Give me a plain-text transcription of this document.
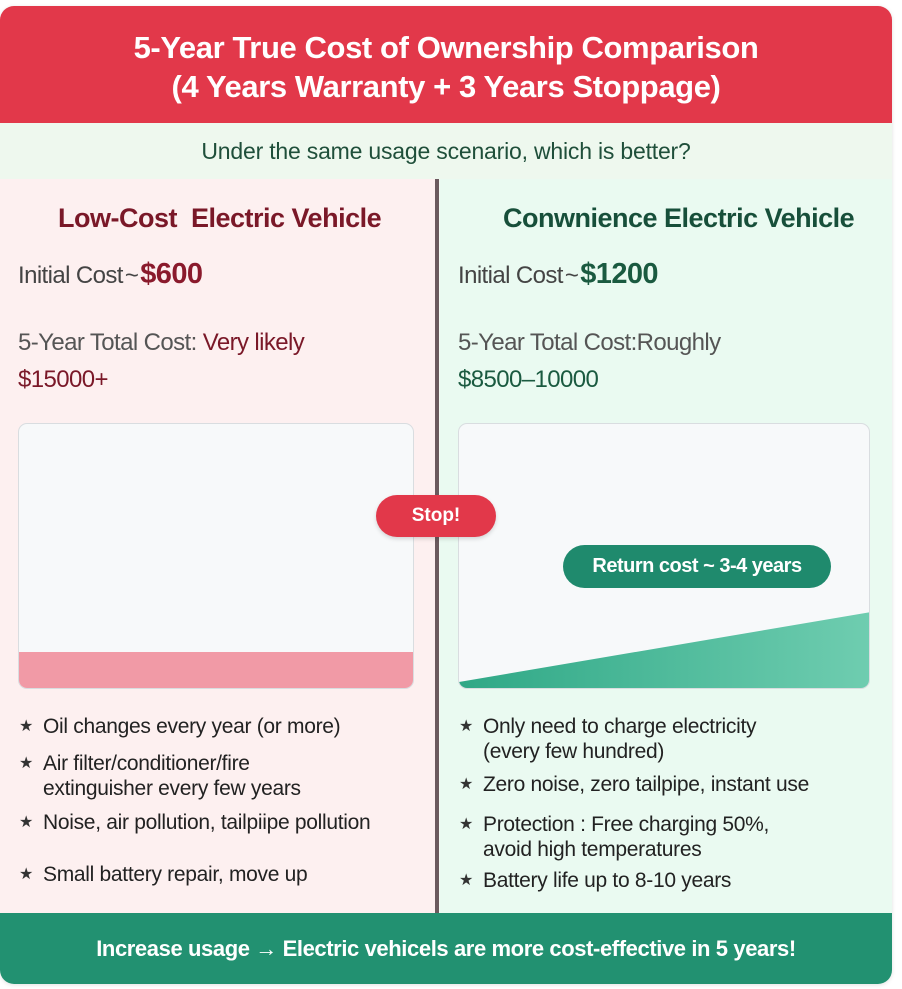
5-Year True Cost of Ownership Comparison
(4 Years Warranty + 3 Years Stoppage)
Under the same usage scenario, which is better?
Low-Cost  Electric Vehicle
Initial Cost~$600
5-Year Total Cost: Very likely
$15000+
★ Oil changes every year (or more)
★ Air filter/conditioner/fire extinguisher every few years
★ Noise, air pollution, tailpiipe pollution
★ Small battery repair, move up
Conwnience Electric Vehicle
Initial Cost~$1200
5-Year Total Cost:Roughly
$8500–10000
★ Only need to charge electricity (every few hundred)
★ Zero noise, zero tailpipe, instant use
★ Protection : Free charging 50%, avoid high temperatures
★ Battery life up to 8-10 years
Increase usage → Electric vehicels are more cost-effective in 5 years!
Stop!
Return cost ~ 3-4 years
